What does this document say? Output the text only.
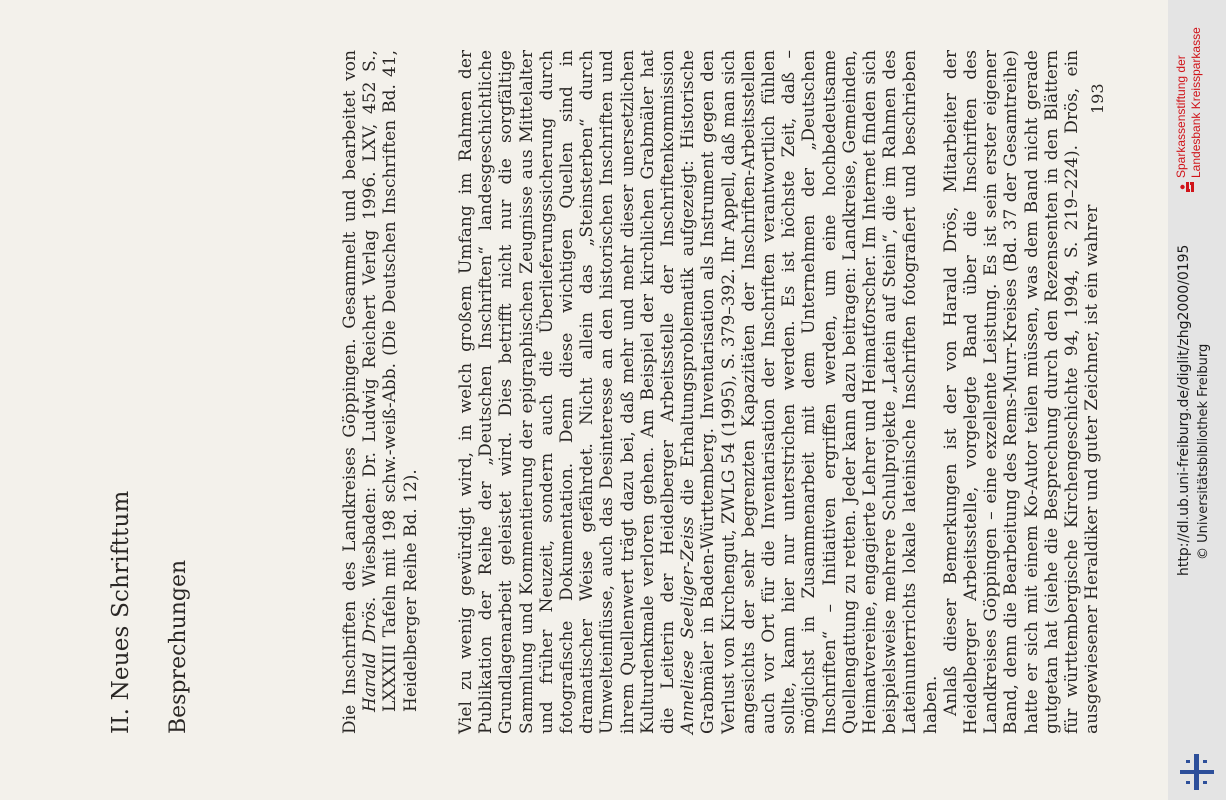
II. Neues Schrifttum Besprechungen	Die Inschriften des Landkreises Göppingen. Gesammelt und bearbeitet von Harald Drös. Wiesbaden: Dr. Ludwig Reichert Verlag 1996. LXV, 452 S., LXXXIII Tafeln mit 198 schw.-weiß-Abb. (Die Deutschen Inschriften Bd. 41, Heidelberger Reihe Bd. 12). Viel zu wenig gewürdigt wird, in welch großem Umfang im Rahmen der Publikation der Reihe der „Deutschen Inschriften“ landesgeschichtliche Grundlagenarbeit geleistet wird. Dies betrifft nicht nur die sorgfältige Sammlung und Kommentierung der epigraphischen Zeugnisse aus Mittelalter und früher Neuzeit, sondern auch die Überlieferungssicherung durch fotografische Dokumentation. Denn diese wichtigen Quellen sind in dramatischer Weise gefährdet. Nicht allein das „Steinsterben“ durch Umwelteinflüsse, auch das Desinteresse an den historischen Inschriften und ihrem Quellenwert trägt dazu bei, daß mehr und mehr dieser unersetzlichen Kulturdenkmale verloren gehen. Am Beispiel der kirchlichen Grabmäler hat die Leiterin der Heidelberger Arbeitsstelle der Inschriftenkommission Anneliese Seeliger-Zeiss die Erhaltungsproblematik aufgezeigt: Historische Grabmäler in Baden-Württemberg. Inventarisation als Instrument gegen den Verlust von Kirchengut, ZWLG 54 (1995), S. 379–392. Ihr Appell, daß man sich angesichts der sehr begrenzten Kapazitäten der Inschriften-Arbeitsstellen auch vor Ort für die Inventarisation der Inschriften verantwortlich fühlen sollte, kann hier nur unterstrichen werden. Es ist höchste Zeit, daß – möglichst in Zusammenarbeit mit dem Unternehmen der „Deutschen Inschriften“ – Initiativen ergriffen werden, um eine hochbedeutsame Quellengattung zu retten. Jeder kann dazu beitragen: Landkreise, Gemeinden, Heimatvereine, engagierte Lehrer und Heimatforscher. Im Internet finden sich beispielsweise mehrere Schulprojekte „Latein auf Stein“, die im Rahmen des Lateinunterrichts lokale lateinische Inschriften fotografiert und beschrieben haben. Anlaß dieser Bemerkungen ist der von Harald Drös, Mitarbeiter der Heidelberger Arbeitsstelle, vorgelegte Band über die Inschriften des Landkreises Göppingen – eine exzellente Leistung. Es ist sein erster eigener Band, denn die Bearbeitung des Rems-Murr-Kreises (Bd. 37 der Gesamtreihe) hatte er sich mit einem Ko-Autor teilen müssen, was dem Band nicht gerade gutgetan hat (siehe die Besprechung durch den Rezensenten in den Blättern für württembergische Kirchengeschichte 94, 1994, S. 219–224). Drös, ein ausgewiesener Heraldiker und guter Zeichner, ist ein wahrer

193
http://dl.ub.uni-freiburg.de/diglit/zhg2000/0195 © Universitätsbibliothek Freiburg
Sparkassenstiftung der Landesbank Kreissparkasse
